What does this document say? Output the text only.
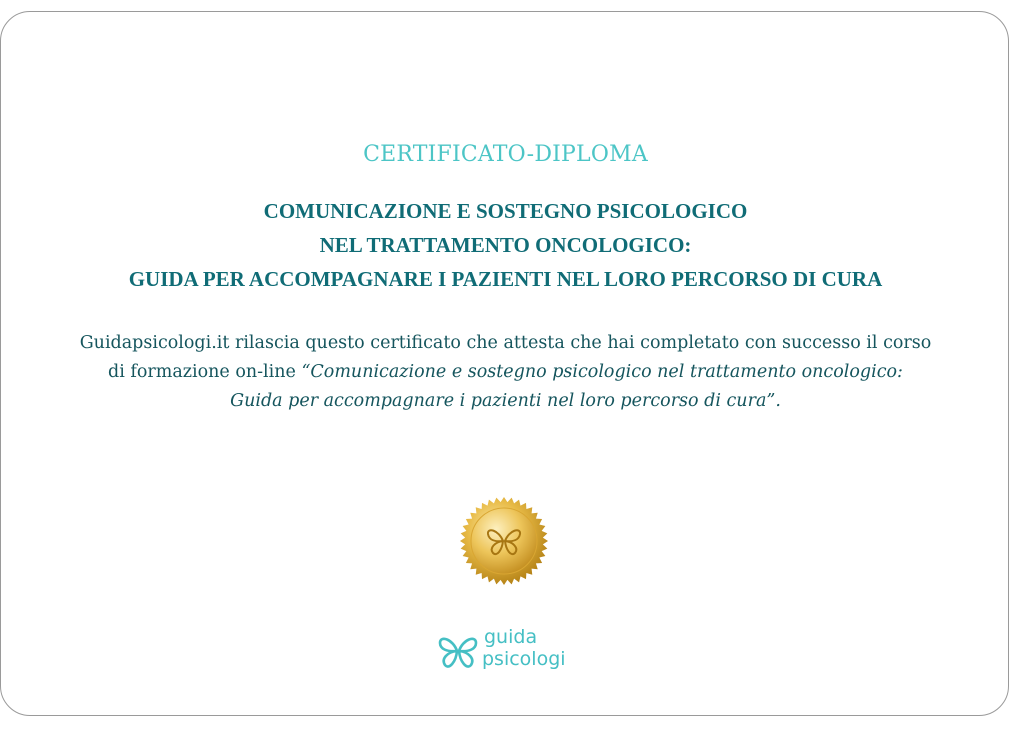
CERTIFICATO-DIPLOMA
COMUNICAZIONE E SOSTEGNO PSICOLOGICO
NEL TRATTAMENTO ONCOLOGICO:
GUIDA PER ACCOMPAGNARE I PAZIENTI NEL LORO PERCORSO DI CURA
Guidapsicologi.it rilascia questo certificato che attesta che hai completato con successo il corso
di formazione on-line “Comunicazione e sostegno psicologico nel trattamento oncologico:
Guida per accompagnare i pazienti nel loro percorso di cura”.
guida
psicologi
